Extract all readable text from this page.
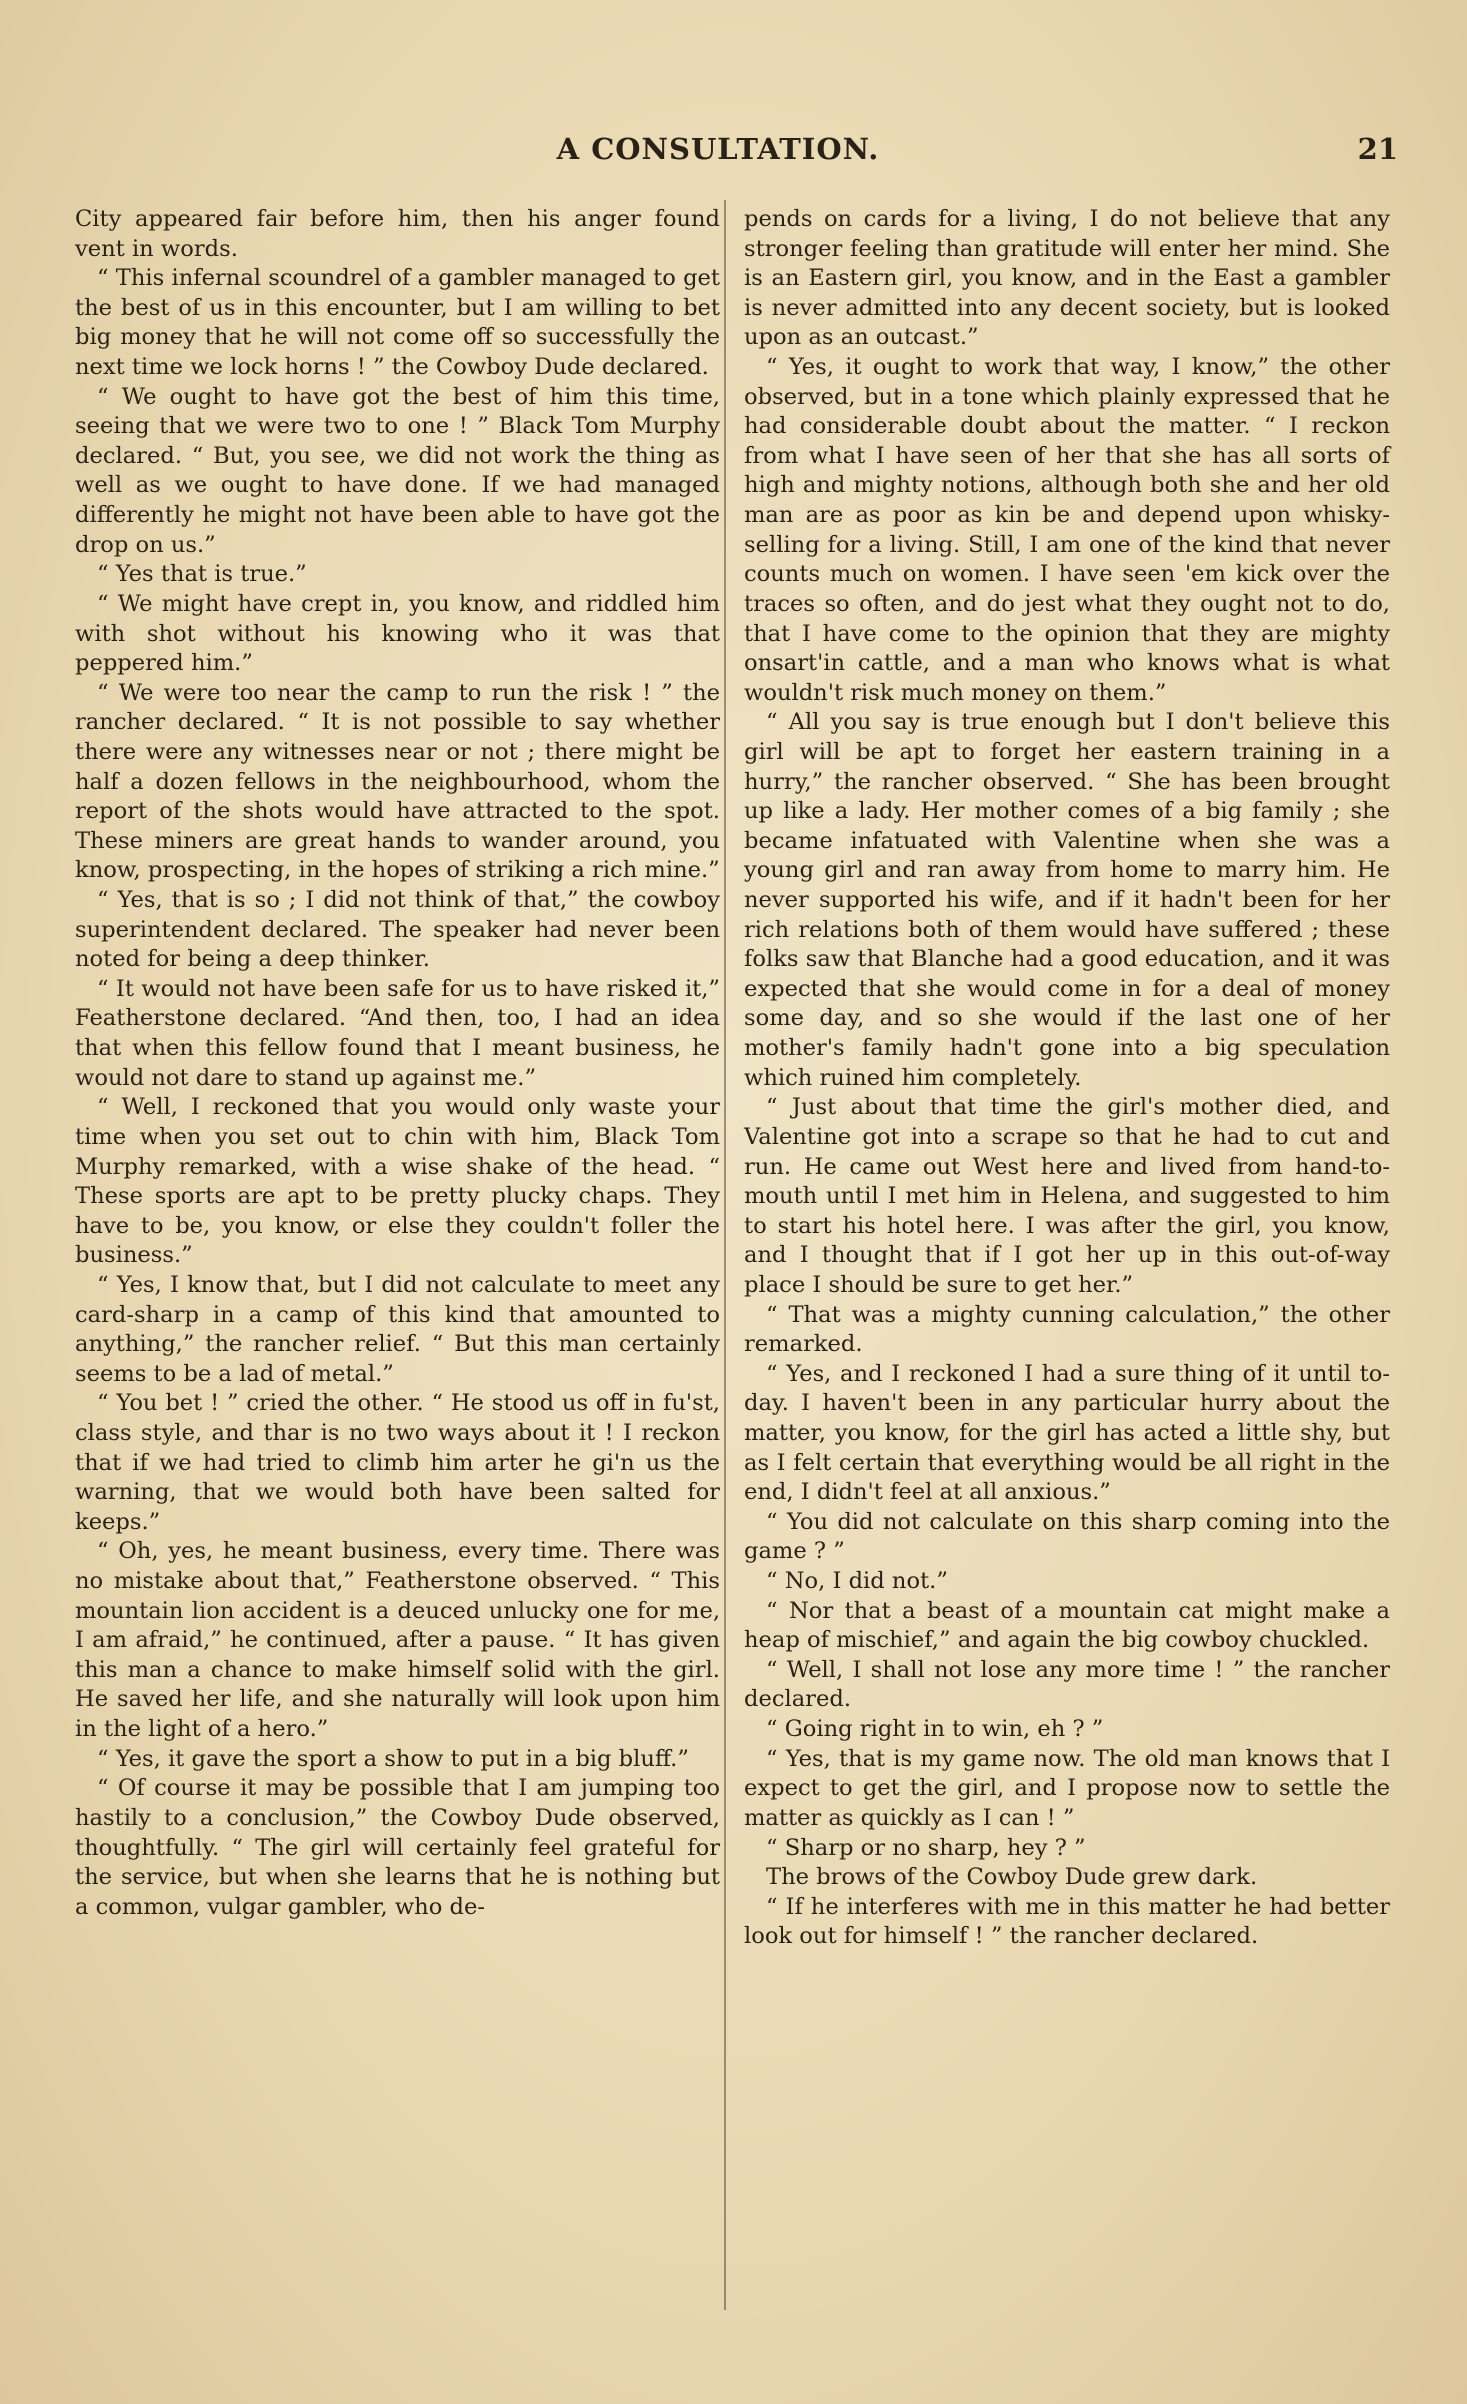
A CONSULTATION.	21

City appeared fair before him, then his anger found vent in words.

“ This infernal scoundrel of a gambler managed to get the best of us in this encounter, but I am willing to bet big money that he will not come off so successfully the next time we lock horns ! ” the Cowboy Dude declared.

“ We ought to have got the best of him this time, seeing that we were two to one ! ” Black Tom Murphy declared. “ But, you see, we did not work the thing as well as we ought to have done. If we had managed differently he might not have been able to have got the drop on us.”

“ Yes that is true.”

“ We might have crept in, you know, and riddled him with shot without his knowing who it was that peppered him.”

“ We were too near the camp to run the risk ! ” the rancher declared. “ It is not possible to say whether there were any witnesses near or not ; there might be half a dozen fellows in the neighbourhood, whom the report of the shots would have attracted to the spot. These miners are great hands to wander around, you know, prospecting, in the hopes of striking a rich mine.”

“ Yes, that is so ; I did not think of that,” the cowboy superintendent declared. The speaker had never been noted for being a deep thinker.

“ It would not have been safe for us to have risked it,” Featherstone declared. “And then, too, I had an idea that when this fellow found that I meant business, he would not dare to stand up against me.”

“ Well, I reckoned that you would only waste your time when you set out to chin with him, Black Tom Murphy remarked, with a wise shake of the head. “ These sports are apt to be pretty plucky chaps. They have to be, you know, or else they couldn't foller the business.”

“ Yes, I know that, but I did not calculate to meet any card-sharp in a camp of this kind that amounted to anything,” the rancher relief. “ But this man certainly seems to be a lad of metal.”

“ You bet ! ” cried the other. “ He stood us off in fu'st, class style, and thar is no two ways about it ! I reckon that if we had tried to climb him arter he gi'n us the warning, that we would both have been salted for keeps.”

“ Oh, yes, he meant business, every time. There was no mistake about that,” Featherstone observed. “ This mountain lion accident is a deuced unlucky one for me, I am afraid,” he continued, after a pause. “ It has given this man a chance to make himself solid with the girl. He saved her life, and she naturally will look upon him in the light of a hero.”

“ Yes, it gave the sport a show to put in a big bluff.”

“ Of course it may be possible that I am jumping too hastily to a conclusion,” the Cowboy Dude observed, thoughtfully. “ The girl will certainly feel grateful for the service, but when she learns that he is nothing but a common, vulgar gambler, who de-

pends on cards for a living, I do not believe that any stronger feeling than gratitude will enter her mind. She is an Eastern girl, you know, and in the East a gambler is never admitted into any decent society, but is looked upon as an outcast.”

“ Yes, it ought to work that way, I know,” the other observed, but in a tone which plainly expressed that he had considerable doubt about the matter. “ I reckon from what I have seen of her that she has all sorts of high and mighty notions, although both she and her old man are as poor as kin be and depend upon whisky-selling for a living. Still, I am one of the kind that never counts much on women. I have seen 'em kick over the traces so often, and do jest what they ought not to do, that I have come to the opinion that they are mighty onsart'in cattle, and a man who knows what is what wouldn't risk much money on them.”

“ All you say is true enough but I don't believe this girl will be apt to forget her eastern training in a hurry,” the rancher observed. “ She has been brought up like a lady. Her mother comes of a big family ; she became infatuated with Valentine when she was a young girl and ran away from home to marry him. He never supported his wife, and if it hadn't been for her rich relations both of them would have suffered ; these folks saw that Blanche had a good education, and it was expected that she would come in for a deal of money some day, and so she would if the last one of her mother's family hadn't gone into a big speculation which ruined him completely.

“ Just about that time the girl's mother died, and Valentine got into a scrape so that he had to cut and run. He came out West here and lived from hand-to-mouth until I met him in Helena, and suggested to him to start his hotel here. I was after the girl, you know, and I thought that if I got her up in this out-of-way place I should be sure to get her.”

“ That was a mighty cunning calculation,” the other remarked.

“ Yes, and I reckoned I had a sure thing of it until to-day. I haven't been in any particular hurry about the matter, you know, for the girl has acted a little shy, but as I felt certain that everything would be all right in the end, I didn't feel at all anxious.”

“ You did not calculate on this sharp coming into the game ? ”

“ No, I did not.”

“ Nor that a beast of a mountain cat might make a heap of mischief,” and again the big cowboy chuckled.

“ Well, I shall not lose any more time ! ” the rancher declared.

“ Going right in to win, eh ? ”

“ Yes, that is my game now. The old man knows that I expect to get the girl, and I propose now to settle the matter as quickly as I can ! ”

“ Sharp or no sharp, hey ? ”

The brows of the Cowboy Dude grew dark.

“ If he interferes with me in this matter he had better look out for himself ! ” the rancher declared.
